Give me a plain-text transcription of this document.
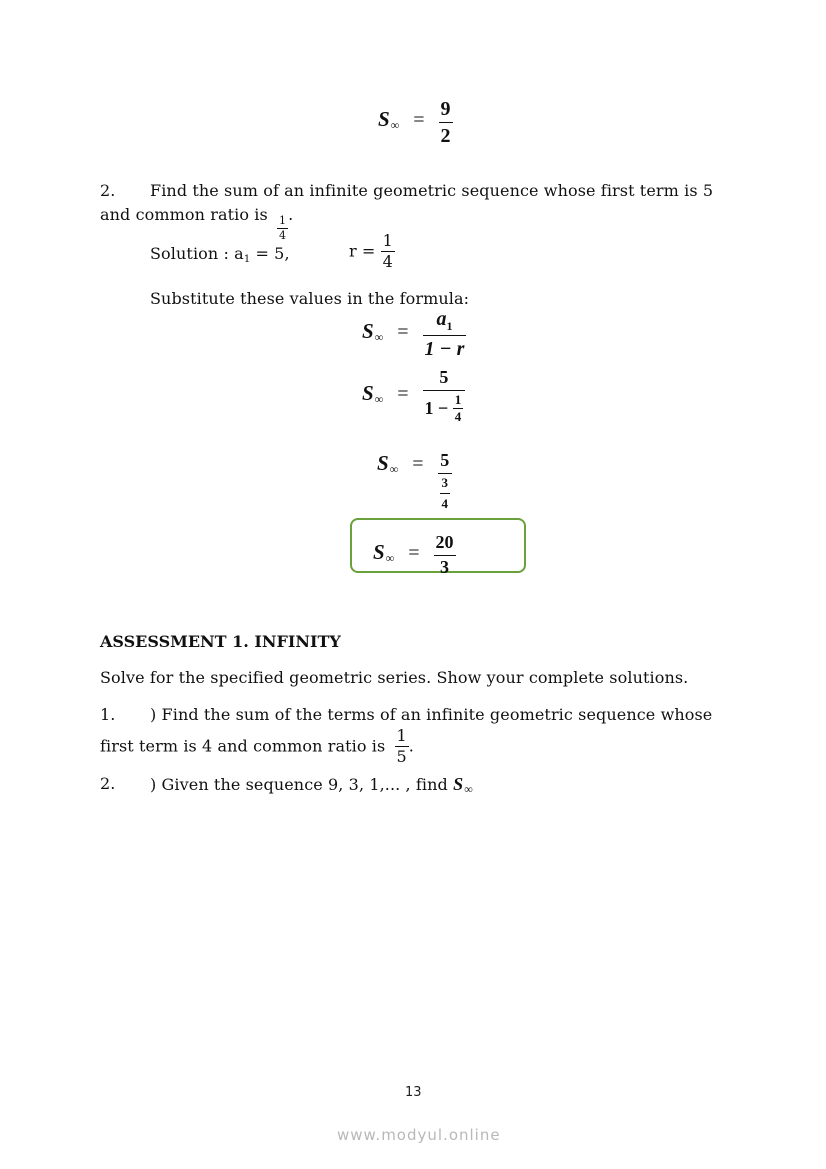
$S\infty = \frac{9}{2}$
2. Find the sum of an infinite geometric sequence whose first term is 5
and common ratio is
$\frac{1}{4}$
.
Solution : $a_1 = 5$,	$r = \frac{1}{4}$
Substitute these values in the formula:
$S\infty = \frac{a_1}{1 - r}$
$S\infty = \frac{5}{1 - \frac{1}{4}}$
$S^\infty = \frac{5}{\frac{3}{4}}$
$S\infty = \frac{20}{3}$
ASSESSMENT 1. INFINITY
Solve for the specified geometric series. Show your complete solutions.
1. ) Find the sum of the terms of an infinite geometric sequence whose
first term is 4 and common ratio is $\frac{1}{5}$ .
2. ) Given the sequence 9, 3, 1,... , find S∞
13
www.modyul.online
